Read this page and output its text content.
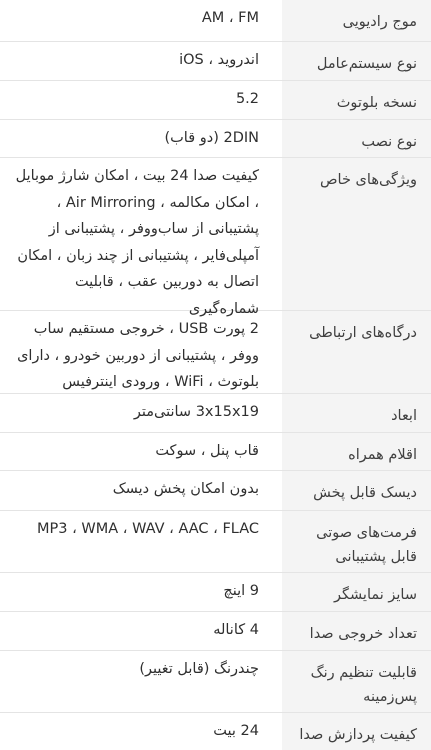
موج رادیویی
AM ، FM
نوع سیستم‌عامل
اندروید ، iOS
نسخه بلوتوث
5.2
نوع نصب
2DIN (دو قاب)
ویژگی‌های خاص
کیفیت صدا 24 بیت ، امکان شارژ موبایل ، امکان مکالمه ، Air Mirroring ، پشتیبانی از ساب‌ووفر ، پشتیبانی از آمپلی‌فایر ، پشتیبانی از چند زبان ، امکان اتصال به دوربین عقب ، قابلیت شماره‌گیری
درگاه‌های ارتباطی
2 پورت USB ، خروجی مستقیم ساب ووفر ، پشتیبانی از دوربین خودرو ، دارای بلوتوث ، WiFi ، ورودی اینترفیس
ابعاد
3x15x19 سانتی‌متر
اقلام همراه
قاب پنل ، سوکت
دیسک قابل پخش
بدون امکان پخش دیسک
فرمت‌های صوتی قابل پشتیبانی
MP3 ، WMA ، WAV ، AAC ، FLAC
سایز نمایشگر
9 اینچ
تعداد خروجی صدا
4 کاناله
قابلیت تنظیم رنگ پس‌زمینه
چندرنگ (قابل تغییر)
کیفیت پردازش صدا
24 بیت
